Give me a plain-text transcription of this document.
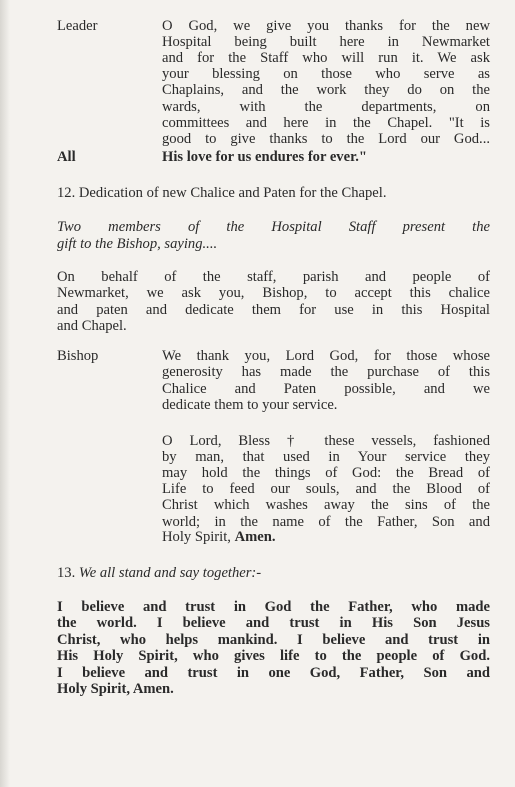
Leader	O God, we give you thanks for the new
Hospital being built here in Newmarket
and for the Staff who will run it. We ask
your blessing on those who serve as
Chaplains, and the work they do on the
wards, with the departments, on
committees and here in the Chapel. "It is
good to give thanks to the Lord our God...
All	His love for us endures for ever."
12. Dedication of new Chalice and Paten for the Chapel.
Two members of the Hospital Staff present the
gift to the Bishop, saying....
On behalf of the staff, parish and people of
Newmarket, we ask you, Bishop, to accept this chalice
and paten and dedicate them for use in this Hospital
and Chapel.
Bishop	We thank you, Lord God, for those whose
generosity has made the purchase of this
Chalice and Paten possible, and we
dedicate them to your service.
O Lord, Bless † these vessels, fashioned
by man, that used in Your service they
may hold the things of God: the Bread of
Life to feed our souls, and the Blood of
Christ which washes away the sins of the
world; in the name of the Father, Son and
Holy Spirit, Amen.
13. We all stand and say together:-
I believe and trust in God the Father, who made
the world. I believe and trust in His Son Jesus
Christ, who helps mankind. I believe and trust in
His Holy Spirit, who gives life to the people of God.
I believe and trust in one God, Father, Son and
Holy Spirit, Amen.
